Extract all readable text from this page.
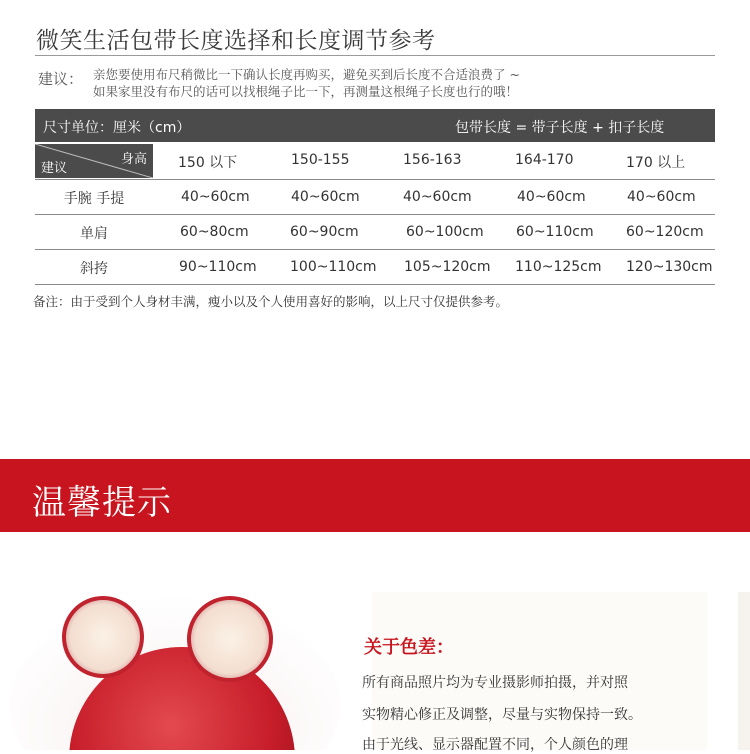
微笑生活包带长度选择和长度调节参考
建议： 亲您要使用布尺稍微比一下确认长度再购买，避免买到后长度不合适浪费了 ~
如果家里没有布尺的话可以找根绳子比一下，再测量这根绳子长度也行的哦！
尺寸单位：厘米（cm）	包带长度 = 带子长度 + 扣子长度
身高
建议	150 以下	150-155	156-163	164-170	170 以上
手腕 手提	40~60cm	40~60cm	40~60cm	40~60cm	40~60cm
单肩	60~80cm	60~90cm	60~100cm 60~110cm 60~120cm
斜挎	90~110cm 100~110cm 105~120cm 110~125cm 120~130cm
备注：由于受到个人身材丰满，瘦小以及个人使用喜好的影响，以上尺寸仅提供参考。
温馨提示
关于色差：
所有商品照片均为专业摄影师拍摄，并对照
实物精心修正及调整，尽量与实物保持一致。
由于光线、显示器配置不同，个人颜色的理
